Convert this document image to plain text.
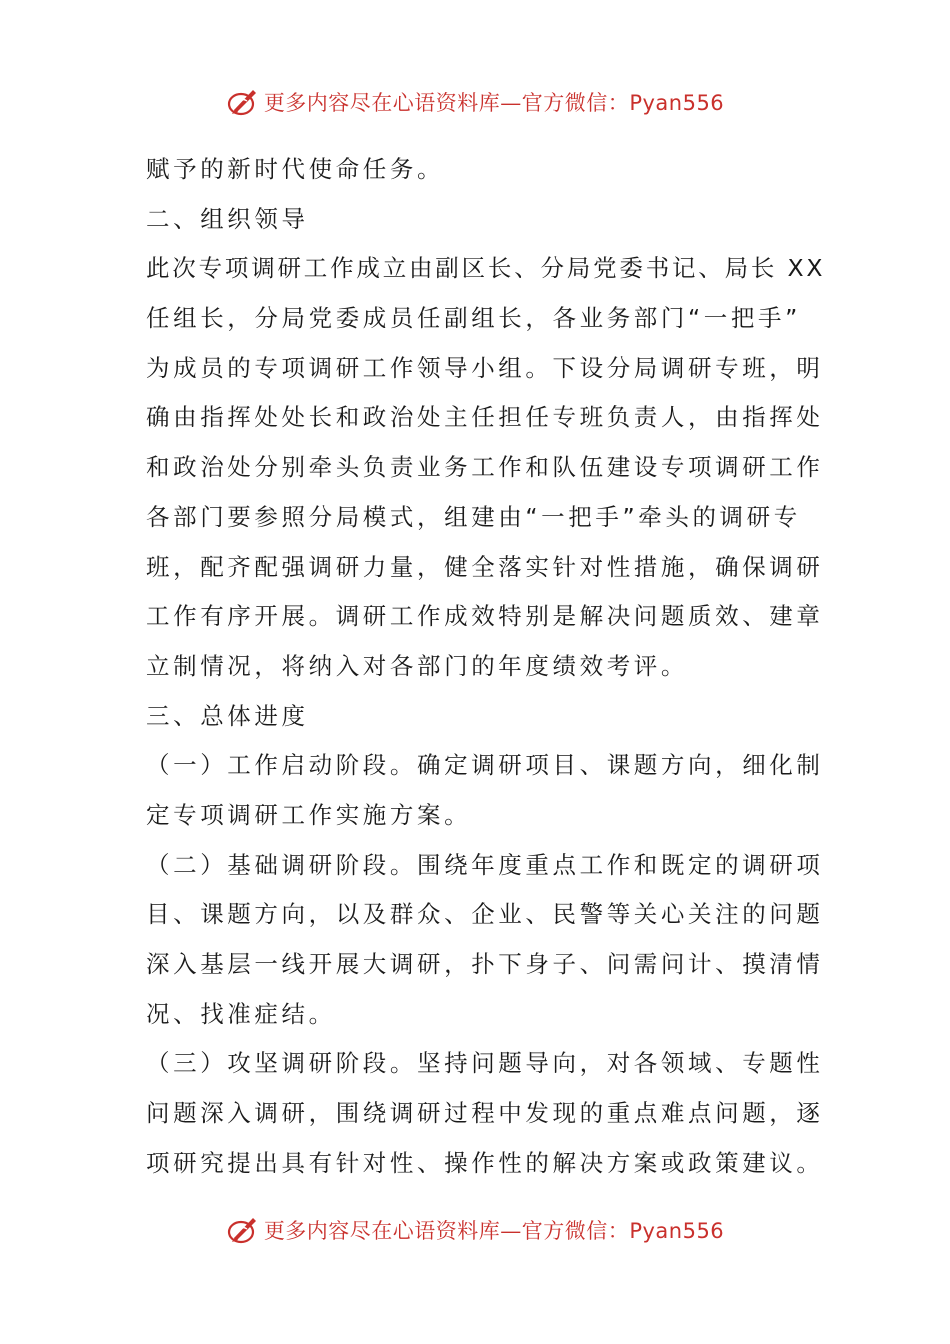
更多内容尽在心语资料库—官方微信：Pyan556
赋予的新时代使命任务。
二、组织领导
此次专项调研工作成立由副区长、分局党委书记、局长 XX
任组长，分局党委成员任副组长，各业务部门“一把手”
为成员的专项调研工作领导小组。下设分局调研专班，明
确由指挥处处长和政治处主任担任专班负责人，由指挥处
和政治处分别牵头负责业务工作和队伍建设专项调研工作
各部门要参照分局模式，组建由“一把手”牵头的调研专
班，配齐配强调研力量，健全落实针对性措施，确保调研
工作有序开展。调研工作成效特别是解决问题质效、建章
立制情况，将纳入对各部门的年度绩效考评。
三、总体进度
（一）工作启动阶段。确定调研项目、课题方向，细化制
定专项调研工作实施方案。
（二）基础调研阶段。围绕年度重点工作和既定的调研项
目、课题方向，以及群众、企业、民警等关心关注的问题
深入基层一线开展大调研，扑下身子、问需问计、摸清情
况、找准症结。
（三）攻坚调研阶段。坚持问题导向，对各领域、专题性
问题深入调研，围绕调研过程中发现的重点难点问题，逐
项研究提出具有针对性、操作性的解决方案或政策建议。
更多内容尽在心语资料库—官方微信：Pyan556
